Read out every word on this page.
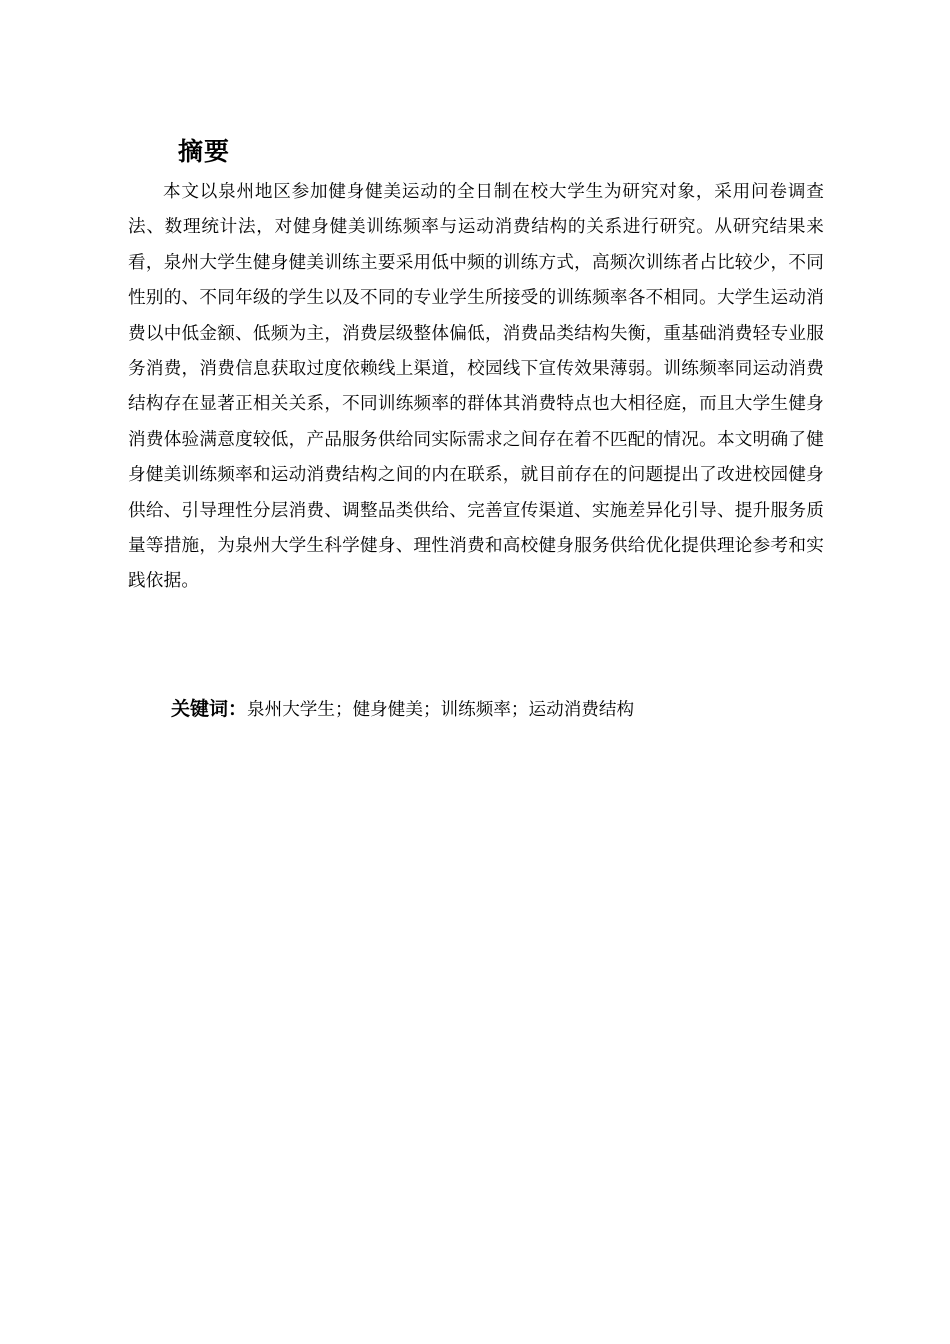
摘要

本文以泉州地区参加健身健美运动的全日制在校大学生为研究对象，采用问卷调查法、数理统计法，对健身健美训练频率与运动消费结构的关系进行研究。从研究结果来看，泉州大学生健身健美训练主要采用低中频的训练方式，高频次训练者占比较少，不同性别的、不同年级的学生以及不同的专业学生所接受的训练频率各不相同。大学生运动消费以中低金额、低频为主，消费层级整体偏低，消费品类结构失衡，重基础消费轻专业服务消费，消费信息获取过度依赖线上渠道，校园线下宣传效果薄弱。训练频率同运动消费结构存在显著正相关关系，不同训练频率的群体其消费特点也大相径庭，而且大学生健身消费体验满意度较低，产品服务供给同实际需求之间存在着不匹配的情况。本文明确了健身健美训练频率和运动消费结构之间的内在联系，就目前存在的问题提出了改进校园健身供给、引导理性分层消费、调整品类供给、完善宣传渠道、实施差异化引导、提升服务质量等措施，为泉州大学生科学健身、理性消费和高校健身服务供给优化提供理论参考和实践依据。

关键词：泉州大学生；健身健美；训练频率；运动消费结构
